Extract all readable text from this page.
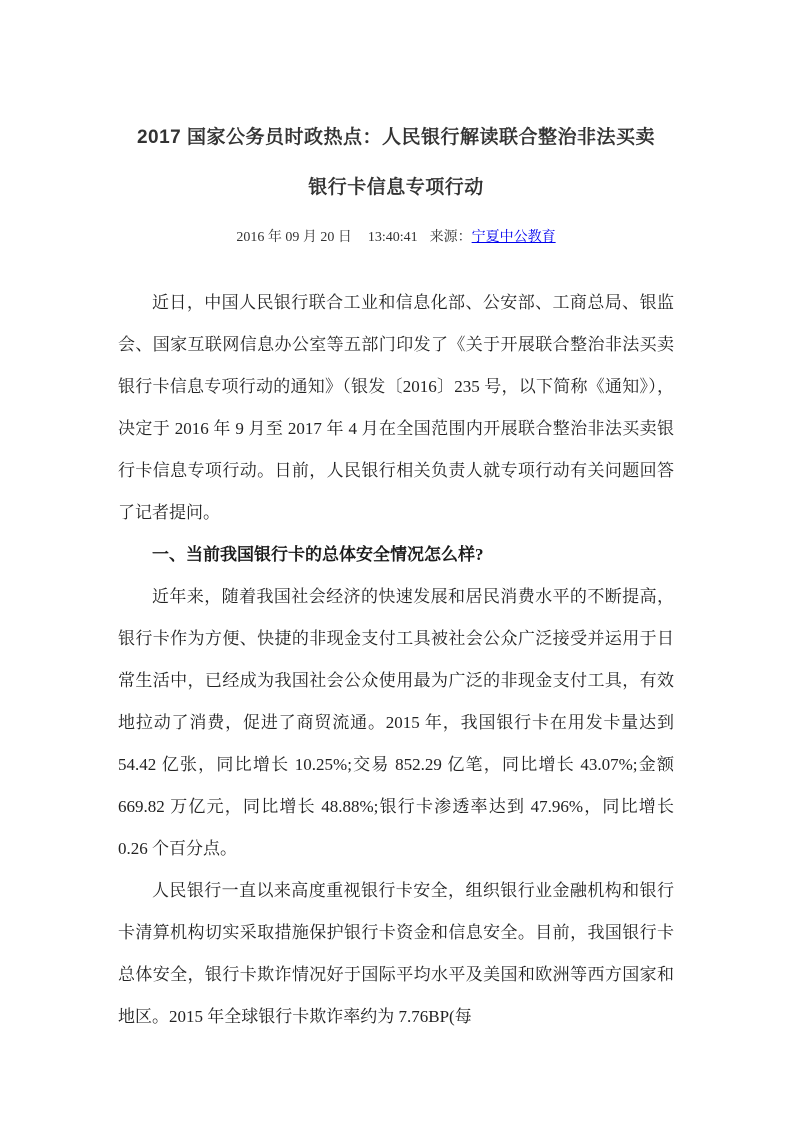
2017 国家公务员时政热点：人民银行解读联合整治非法买卖
银行卡信息专项行动
2016 年 09 月 20 日 13:40:41 来源：宁夏中公教育

近日，中国人民银行联合工业和信息化部、公安部、工商总局、银监会、国家互联网信息办公室等五部门印发了《关于开展联合整治非法买卖银行卡信息专项行动的通知》（银发〔2016〕235 号，以下简称《通知》），决定于 2016 年 9 月至 2017 年 4 月在全国范围内开展联合整治非法买卖银行卡信息专项行动。日前，人民银行相关负责人就专项行动有关问题回答了记者提问。

一、当前我国银行卡的总体安全情况怎么样?

近年来，随着我国社会经济的快速发展和居民消费水平的不断提高，银行卡作为方便、快捷的非现金支付工具被社会公众广泛接受并运用于日常生活中，已经成为我国社会公众使用最为广泛的非现金支付工具，有效地拉动了消费，促进了商贸流通。2015 年，我国银行卡在用发卡量达到 54.42 亿张，同比增长 10.25%;交易 852.29 亿笔，同比增长 43.07%;金额 669.82 万亿元，同比增长 48.88%;银行卡渗透率达到 47.96%，同比增长 0.26 个百分点。

人民银行一直以来高度重视银行卡安全，组织银行业金融机构和银行卡清算机构切实采取措施保护银行卡资金和信息安全。目前，我国银行卡总体安全，银行卡欺诈情况好于国际平均水平及美国和欧洲等西方国家和地区。2015 年全球银行卡欺诈率约为 7.76BP(每
